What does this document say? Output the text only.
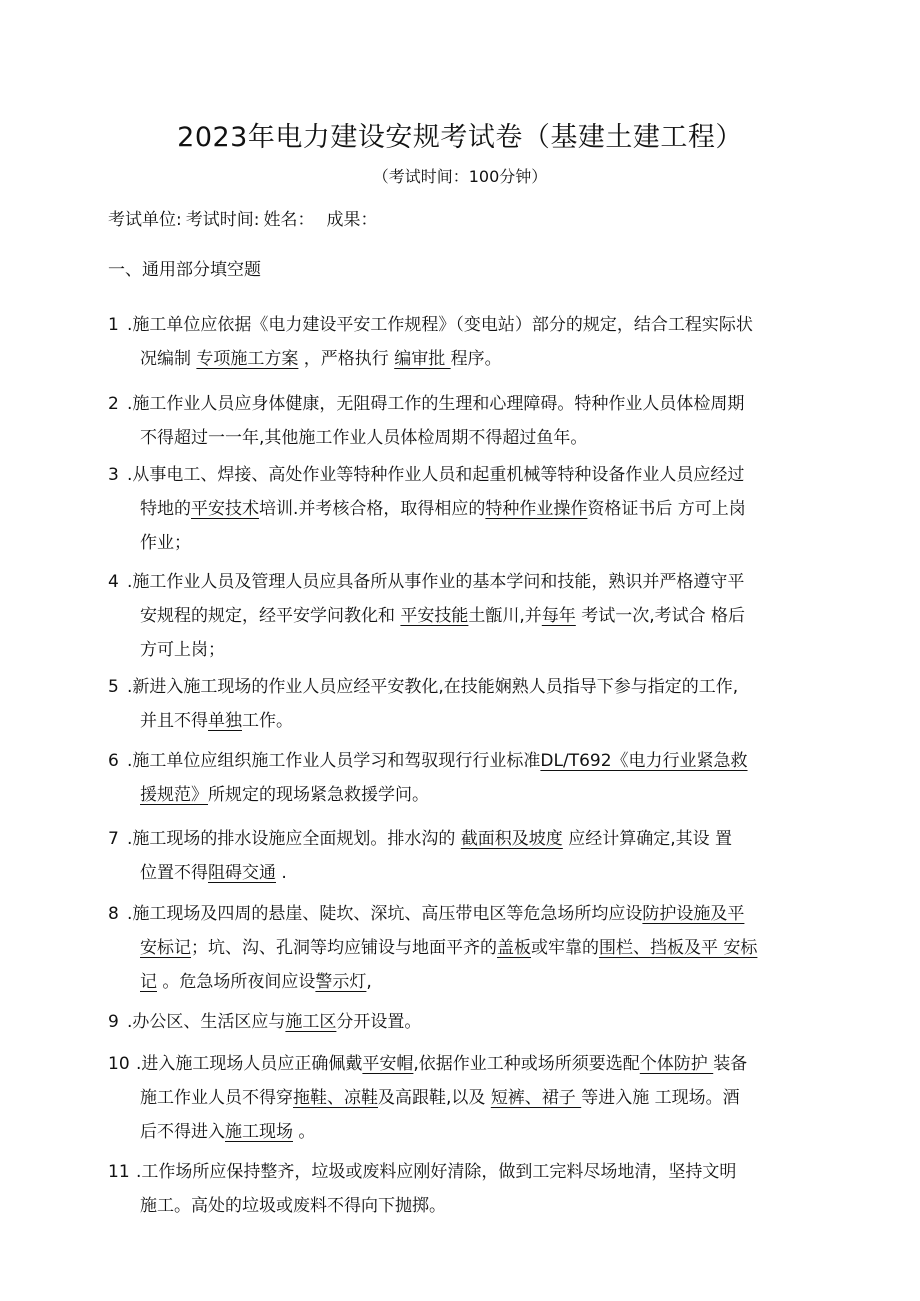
2023年电力建设安规考试卷（基建土建工程）
（考试时间：100分钟）
考试单位: 考试时间: 姓名： 成果：
一、通用部分填空题
1 .施工单位应依据《电力建设平安工作规程》（变电站）部分的规定，结合工程实际状
况编制 专项施工方案 ，严格执行 编审批 程序。
2 .施工作业人员应身体健康，无阻碍工作的生理和心理障碍。特种作业人员体检周期
不得超过一一年,其他施工作业人员体检周期不得超过鱼年。
3 .从事电工、焊接、高处作业等特种作业人员和起重机械等特种设备作业人员应经过
特地的平安技术培训.并考核合格，取得相应的特种作业操作资格证书后 方可上岗
作业；
4 .施工作业人员及管理人员应具备所从事作业的基本学问和技能，熟识并严格遵守平
安规程的规定，经平安学问教化和 平安技能土甑川,并每年 考试一次,考试合 格后
方可上岗；
5 .新进入施工现场的作业人员应经平安教化,在技能娴熟人员指导下参与指定的工作,
并且不得单独工作。
6 .施工单位应组织施工作业人员学习和驾驭现行行业标准DL/T692《电力行业紧急救
援规范》所规定的现场紧急救援学问。
7 .施工现场的排水设施应全面规划。排水沟的 截面积及坡度 应经计算确定,其设 置
位置不得阻碍交通 .
8 .施工现场及四周的悬崖、陡坎、深坑、高压带电区等危急场所均应设防护设施及平
安标记；坑、沟、孔洞等均应铺设与地面平齐的盖板或牢靠的围栏、挡板及平 安标
记 。危急场所夜间应设警示灯,
9 .办公区、生活区应与施工区分开设置。
10 .进入施工现场人员应正确佩戴平安帽,依据作业工种或场所须要选配个体防护 装备
施工作业人员不得穿拖鞋、凉鞋及高跟鞋,以及 短裤、裙子 等进入施 工现场。酒
后不得进入施工现场 。
11 .工作场所应保持整齐，垃圾或废料应刚好清除，做到工完料尽场地清，坚持文明
施工。高处的垃圾或废料不得向下抛掷。
